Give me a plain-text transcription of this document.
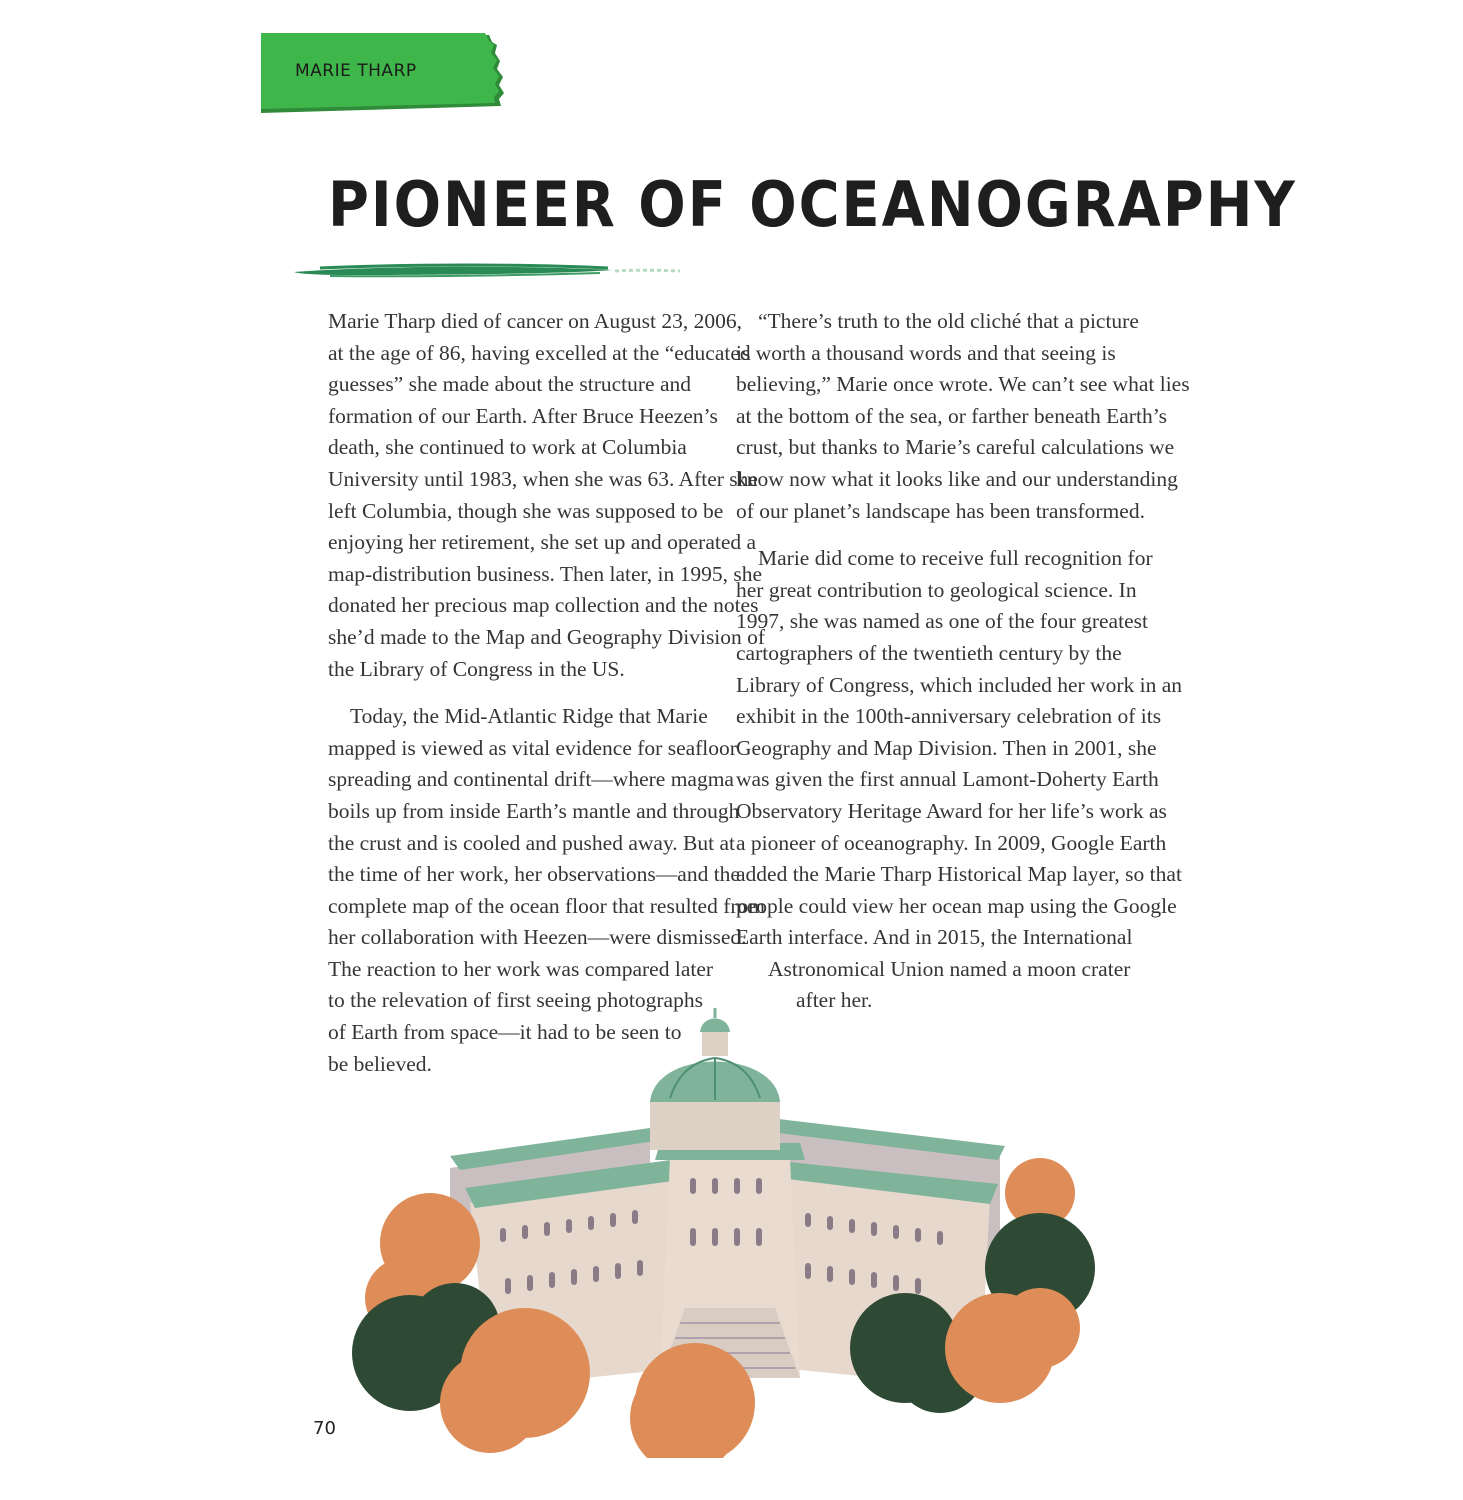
MARIE THARP
PIONEER OF OCEANOGRAPHY

Marie Tharp died of cancer on August 23, 2006,
at the age of 86, having excelled at the “educated
guesses” she made about the structure and
formation of our Earth. After Bruce Heezen’s
death, she continued to work at Columbia
University until 1983, when she was 63. After she
left Columbia, though she was supposed to be
enjoying her retirement, she set up and operated a
map-distribution business. Then later, in 1995, she
donated her precious map collection and the notes
she’d made to the Map and Geography Division of
the Library of Congress in the US.

Today, the Mid-Atlantic Ridge that Marie
mapped is viewed as vital evidence for seafloor
spreading and continental drift—where magma
boils up from inside Earth’s mantle and through
the crust and is cooled and pushed away. But at
the time of her work, her observations—and the
complete map of the ocean floor that resulted from
her collaboration with Heezen—were dismissed.
The reaction to her work was compared later
to the relevation of first seeing photographs
of Earth from space—it had to be seen to
be believed.

“There’s truth to the old cliché that a picture
is worth a thousand words and that seeing is
believing,” Marie once wrote. We can’t see what lies
at the bottom of the sea, or farther beneath Earth’s
crust, but thanks to Marie’s careful calculations we
know now what it looks like and our understanding
of our planet’s landscape has been transformed.

Marie did come to receive full recognition for
her great contribution to geological science. In
1997, she was named as one of the four greatest
cartographers of the twentieth century by the
Library of Congress, which included her work in an
exhibit in the 100th-anniversary celebration of its
Geography and Map Division. Then in 2001, she
was given the first annual Lamont-Doherty Earth
Observatory Heritage Award for her life’s work as
a pioneer of oceanography. In 2009, Google Earth
added the Marie Tharp Historical Map layer, so that
people could view her ocean map using the Google
Earth interface. And in 2015, the International
Astronomical Union named a moon crater
after her.

70
